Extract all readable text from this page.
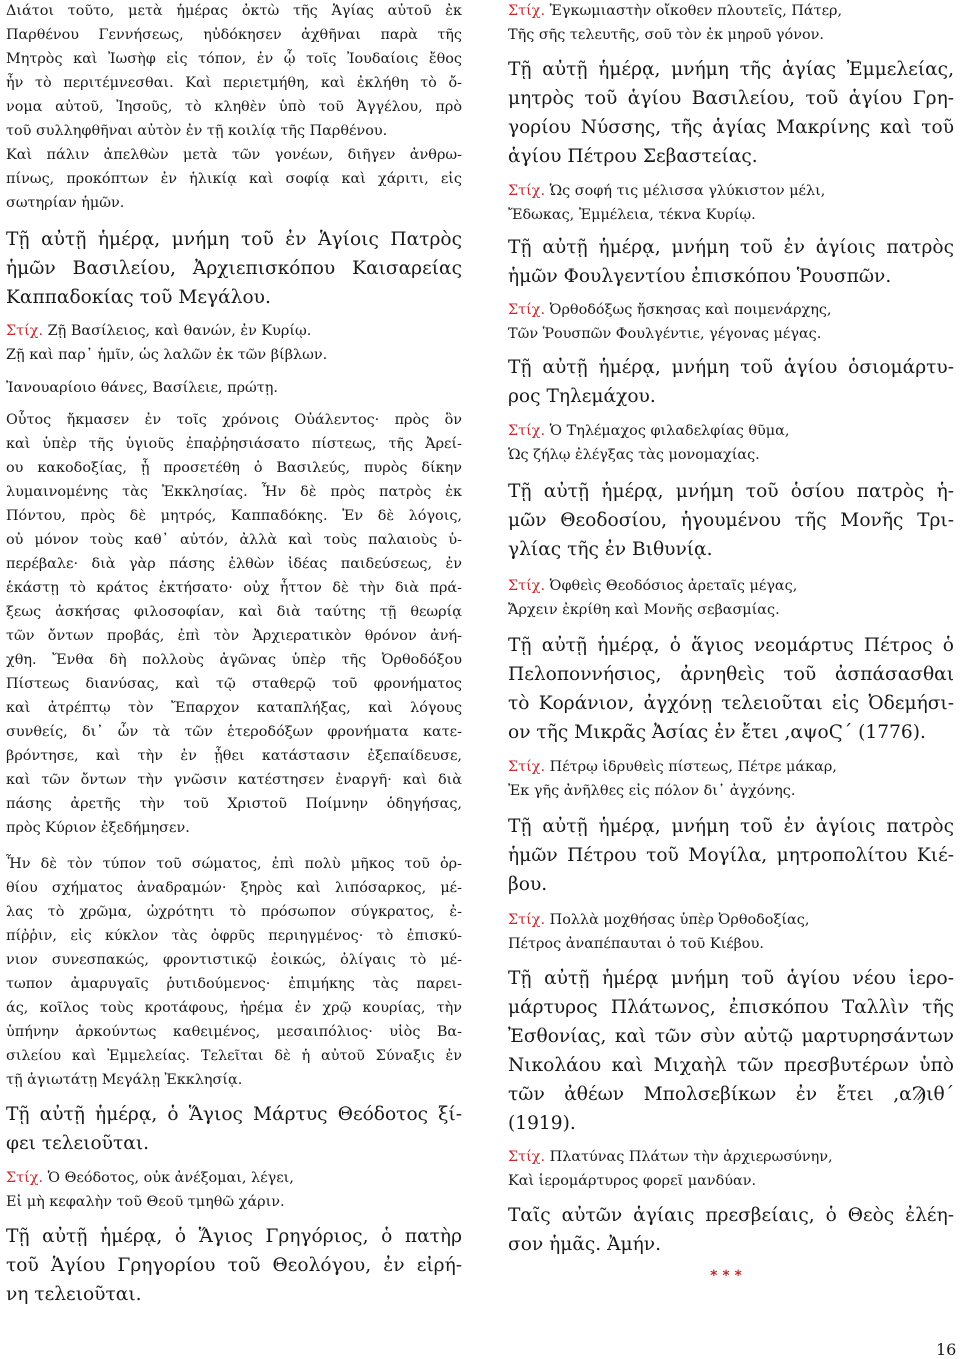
Διάτοι τοῦτο, μετὰ ἡμέρας ὀκτὼ τῆς Ἁγίας αὐτοῦ ἐκ
Παρθένου Γεννήσεως, ηὐδόκησεν ἀχθῆναι παρὰ τῆς
Μητρὸς καὶ Ἰωσὴφ εἰς τόπον, ἐν ᾧ τοῖς Ἰουδαίοις ἔθος
ἦν τὸ περιτέμνεσθαι. Καὶ περιετμήθη, καὶ ἐκλήθη τὸ ὄ-
νομα αὐτοῦ, Ἰησοῦς, τὸ κληθὲν ὑπὸ τοῦ Ἀγγέλου, πρὸ
τοῦ συλληφθῆναι αὐτὸν ἐν τῇ κοιλίᾳ τῆς Παρθένου.
Καὶ πάλιν ἀπελθὼν μετὰ τῶν γονέων, διῆγεν ἀνθρω-
πίνως, προκόπτων ἐν ἡλικίᾳ καὶ σοφίᾳ καὶ χάριτι, εἰς
σωτηρίαν ἡμῶν.

Τῇ αὐτῇ ἡμέρᾳ, μνήμη τοῦ ἐν Ἁγίοις Πατρὸς
ἡμῶν Βασιλείου, Ἀρχιεπισκόπου Καισαρείας
Καππαδοκίας τοῦ Μεγάλου.

Στίχ. Ζῇ Βασίλειος, καὶ θανών, ἐν Κυρίῳ.
Ζῇ καὶ παρ᾽ ἡμῖν, ὡς λαλῶν ἐκ τῶν βίβλων.

Ἰανουαρίοιο θάνες, Βασίλειε, πρώτῃ.

Οὗτος ἤκμασεν ἐν τοῖς χρόνοις Οὐάλεντος· πρὸς ὃν
καὶ ὑπὲρ τῆς ὑγιοῦς ἐπαῤῥησιάσατο πίστεως, τῆς Ἀρεί-
ου κακοδοξίας, ᾗ προσετέθη ὁ Βασιλεύς, πυρὸς δίκην
λυμαινομένης τὰς Ἐκκλησίας. Ἦν δὲ πρὸς πατρὸς ἐκ
Πόντου, πρὸς δὲ μητρός, Καππαδόκης. Ἐν δὲ λόγοις,
οὐ μόνον τοὺς καθ᾽ αὐτόν, ἀλλὰ καὶ τοὺς παλαιοὺς ὑ-
περέβαλε· διὰ γὰρ πάσης ἐλθὼν ἰδέας παιδεύσεως, ἐν
ἑκάστῃ τὸ κράτος ἐκτήσατο· οὐχ ἧττον δὲ τὴν διὰ πρά-
ξεως ἀσκήσας φιλοσοφίαν, καὶ διὰ ταύτης τῇ θεωρίᾳ
τῶν ὄντων προβάς, ἐπὶ τὸν Ἀρχιερατικὸν θρόνον ἀνή-
χθη. Ἔνθα δὴ πολλοὺς ἀγῶνας ὑπὲρ τῆς Ὀρθοδόξου
Πίστεως διανύσας, καὶ τῷ σταθερῷ τοῦ φρονήματος
καὶ ἀτρέπτῳ τὸν Ἔπαρχον καταπλήξας, καὶ λόγους
συνθείς, δι᾽ ὧν τὰ τῶν ἑτεροδόξων φρονήματα κατε-
βρόντησε, καὶ τὴν ἐν ᾗθει κατάστασιν ἐξεπαίδευσε,
καὶ τῶν ὄντων τὴν γνῶσιν κατέστησεν ἐναργῆ· καὶ διὰ
πάσης ἀρετῆς τὴν τοῦ Χριστοῦ Ποίμνην ὁδηγήσας,
πρὸς Κύριον ἐξεδήμησεν.

Ἦν δὲ τὸν τύπον τοῦ σώματος, ἐπὶ πολὺ μῆκος τοῦ ὀρ-
θίου σχήματος ἀναδραμών· ξηρὸς καὶ λιπόσαρκος, μέ-
λας τὸ χρῶμα, ὠχρότητι τὸ πρόσωπον σύγκρατος, ἐ-
πίῤῥιν, εἰς κύκλον τὰς ὀφρῦς περιηγμένος· τὸ ἐπισκύ-
νιον συνεσπακώς, φροντιστικῷ ἐοικώς, ὀλίγαις τὸ μέ-
τωπον ἀμαρυγαῖς ῥυτιδούμενος· ἐπιμήκης τὰς παρει-
άς, κοῖλος τοὺς κροτάφους, ἠρέμα ἐν χρῷ κουρίας, τὴν
ὑπήνην ἀρκούντως καθειμένος, μεσαιπόλιος· υἱὸς Βα-
σιλείου καὶ Ἐμμελείας. Τελεῖται δὲ ἡ αὐτοῦ Σύναξις ἐν
τῇ ἁγιωτάτῃ Μεγάλῃ Ἐκκλησίᾳ.

Τῇ αὐτῇ ἡμέρᾳ, ὁ Ἅγιος Μάρτυς Θεόδοτος ξί-
φει τελειοῦται.

Στίχ. Ὁ Θεόδοτος, οὐκ ἀνέξομαι, λέγει,
Εἰ μὴ κεφαλὴν τοῦ Θεοῦ τμηθῶ χάριν.

Τῇ αὐτῇ ἡμέρᾳ, ὁ Ἅγιος Γρηγόριος, ὁ πατὴρ
τοῦ Ἁγίου Γρηγορίου τοῦ Θεολόγου, ἐν εἰρή-
νη τελειοῦται.

Στίχ. Ἐγκωμιαστὴν οἴκοθεν πλουτεῖς, Πάτερ,
Τῆς σῆς τελευτῆς, σοῦ τὸν ἐκ μηροῦ γόνον.

Τῇ αὐτῇ ἡμέρᾳ, μνήμη τῆς ἁγίας Ἐμμελείας,
μητρὸς τοῦ ἁγίου Βασιλείου, τοῦ ἁγίου Γρη-
γορίου Νύσσης, τῆς ἁγίας Μακρίνης καὶ τοῦ
ἁγίου Πέτρου Σεβαστείας.

Στίχ. Ὡς σοφή τις μέλισσα γλύκιστον μέλι,
Ἔδωκας, Ἐμμέλεια, τέκνα Κυρίῳ.

Τῇ αὐτῇ ἡμέρᾳ, μνήμη τοῦ ἐν ἁγίοις πατρὸς
ἡμῶν Φουλγεντίου ἐπισκόπου Ῥουσπῶν.

Στίχ. Ὀρθοδόξως ἤσκησας καὶ ποιμενάρχης,
Τῶν Ῥουσπῶν Φουλγέντιε, γέγονας μέγας.

Τῇ αὐτῇ ἡμέρᾳ, μνήμη τοῦ ἁγίου ὁσιομάρτυ-
ρος Τηλεμάχου.

Στίχ. Ὁ Τηλέμαχος φιλαδελφίας θῦμα,
Ὡς ζήλῳ ἐλέγξας τὰς μονομαχίας.

Τῇ αὐτῇ ἡμέρᾳ, μνήμη τοῦ ὁσίου πατρὸς ἡ-
μῶν Θεοδοσίου, ἡγουμένου τῆς Μονῆς Τρι-
γλίας τῆς ἐν Βιθυνίᾳ.

Στίχ. Ὀφθεὶς Θεοδόσιος ἀρεταῖς μέγας,
Ἄρχειν ἐκρίθη καὶ Μονῆς σεβασμίας.

Τῇ αὐτῇ ἡμέρᾳ, ὁ ἅγιος νεομάρτυς Πέτρος ὁ
Πελοποννήσιος, ἀρνηθεὶς τοῦ ἀσπάσασθαι
τὸ Κοράνιον, ἀγχόνῃ τελειοῦται εἰς Ὀδεμήσι-
ον τῆς Μικρᾶς Ἀσίας ἐν ἔτει ,αψοϚ´ (1776).

Στίχ. Πέτρῳ ἱδρυθεὶς πίστεως, Πέτρε μάκαρ,
Ἐκ γῆς ἀνῆλθες εἰς πόλον δι᾽ ἀγχόνης.

Τῇ αὐτῇ ἡμέρᾳ, μνήμη τοῦ ἐν ἁγίοις πατρὸς
ἡμῶν Πέτρου τοῦ Μογίλα, μητροπολίτου Κιέ-
βου.

Στίχ. Πολλὰ μοχθήσας ὑπὲρ Ὀρθοδοξίας,
Πέτρος ἀναπέπαυται ὁ τοῦ Κιέβου.

Τῇ αὐτῇ ἡμέρᾳ μνήμη τοῦ ἁγίου νέου ἱερο-
μάρτυρος Πλάτωνος, ἐπισκόπου Ταλλὶν τῆς
Ἐσθονίας, καὶ τῶν σὺν αὐτῷ μαρτυρησάντων
Νικολάου καὶ Μιχαὴλ τῶν πρεσβυτέρων ὑπὸ
τῶν ἀθέων Μπολσεβίκων ἐν ἔτει ,αϠιθ´
(1919).

Στίχ. Πλατύνας Πλάτων τὴν ἀρχιερωσύνην,
Καὶ ἱερομάρτυρος φορεῖ μανδύαν.

Ταῖς αὐτῶν ἁγίαις πρεσβείαις, ὁ Θεὸς ἐλέη-
σον ἡμᾶς. Ἀμήν.

* * *

16
